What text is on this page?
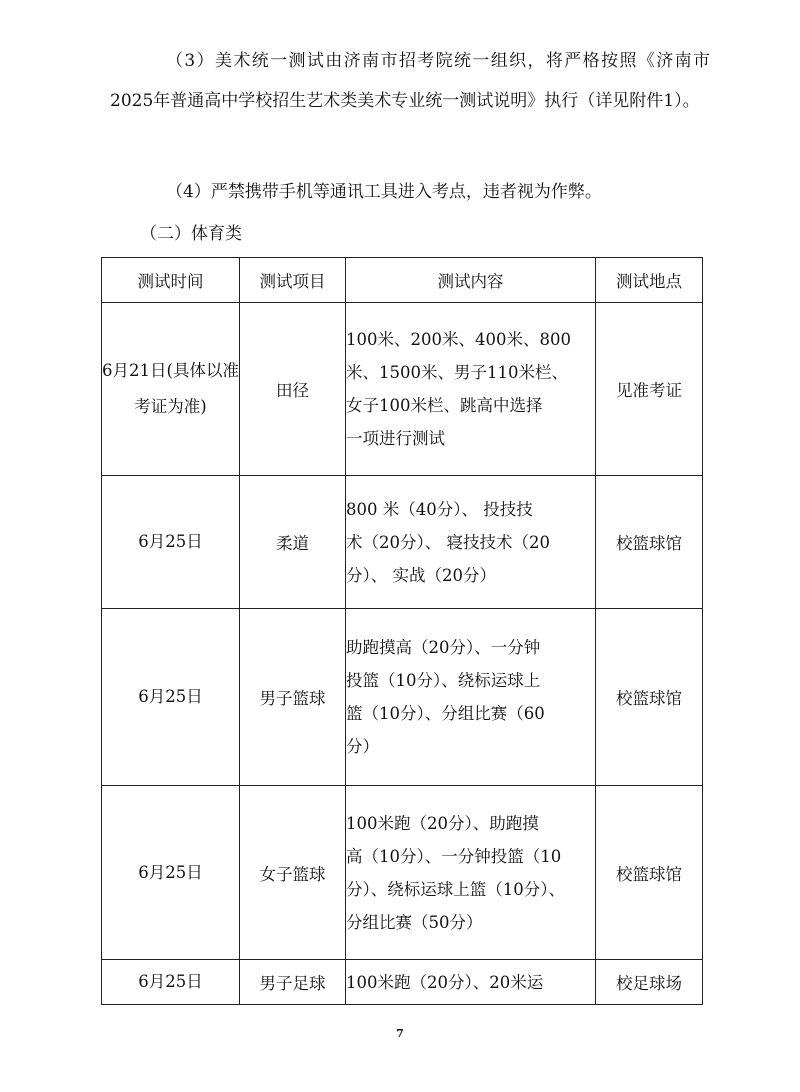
（3）美术统一测试由济南市招考院统一组织，将严格按照《济南市2025年普通高中学校招生艺术类美术专业统一测试说明》执行（详见附件1）。

（4）严禁携带手机等通讯工具进入考点，违者视为作弊。

（二）体育类

测试时间	测试项目	测试内容	测试地点
6月21日(具体以准考证为准)	田径	100米、200米、400米、800
米、1500米、男子110米栏、
女子100米栏、跳高中选择
一项进行测试	见准考证
6月25日	柔道	800 米（40分）、 投技技
术（20分）、 寝技技术（20
分）、 实战（20分）	校篮球馆
6月25日	男子篮球	助跑摸高（20分）、一分钟
投篮（10分）、绕标运球上
篮（10分）、分组比赛（60
分）	校篮球馆
6月25日	女子篮球	100米跑（20分）、助跑摸
高（10分）、一分钟投篮（10
分）、绕标运球上篮（10分）、
分组比赛（50分）	校篮球馆
6月25日	男子足球	100米跑（20分）、20米运	校足球场
7
